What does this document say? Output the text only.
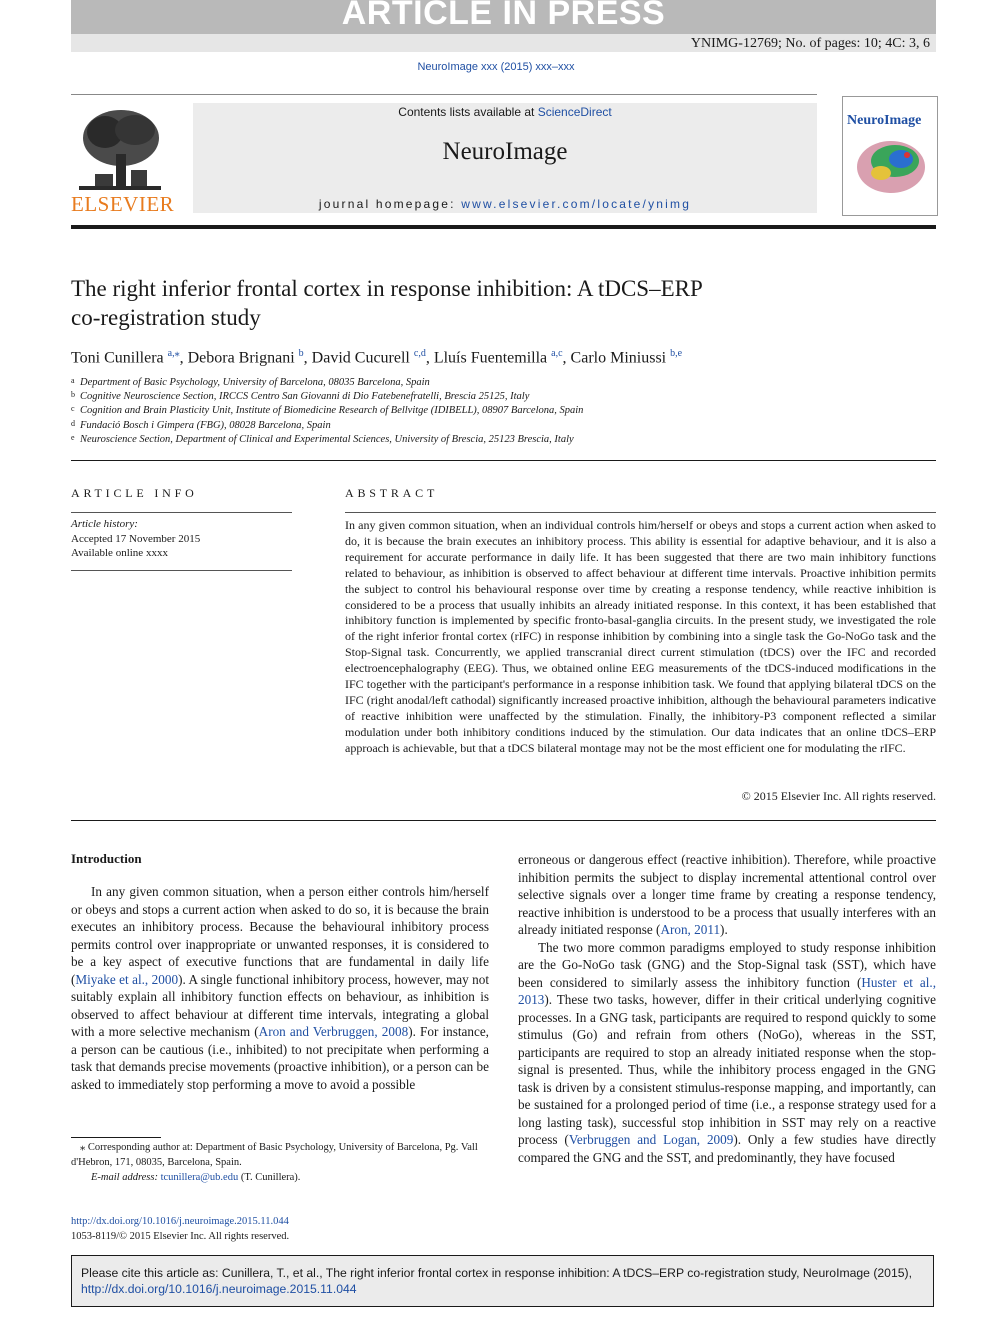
ARTICLE IN PRESS
YNIMG-12769; No. of pages: 10; 4C: 3, 6
NeuroImage xxx (2015) xxx–xxx
ELSEVIER
Contents lists available at ScienceDirect
NeuroImage
journal homepage: www.elsevier.com/locate/ynimg
NeuroImage
The right inferior frontal cortex in response inhibition: A tDCS–ERP
co-registration study
Toni Cunillera $^{a,⁎}$, Debora Brignani $^b$, David Cucurell $^{c,d}$, Lluís Fuentemilla $^{a,c}$, Carlo Miniussi $^{b,e}$
a Department of Basic Psychology, University of Barcelona, 08035 Barcelona, Spain
b Cognitive Neuroscience Section, IRCCS Centro San Giovanni di Dio Fatebenefratelli, Brescia 25125, Italy
c Cognition and Brain Plasticity Unit, Institute of Biomedicine Research of Bellvitge (IDIBELL), 08907 Barcelona, Spain
d Fundació Bosch i Gimpera (FBG), 08028 Barcelona, Spain
e Neuroscience Section, Department of Clinical and Experimental Sciences, University of Brescia, 25123 Brescia, Italy
ARTICLE INFO
Article history:
Accepted 17 November 2015
Available online xxxx
ABSTRACT
In any given common situation, when an individual controls him/herself or obeys and stops a current action when asked to do, it is because the brain executes an inhibitory process. This ability is essential for adaptive behaviour, and it is also a requirement for accurate performance in daily life. It has been suggested that there are two main inhibitory functions related to behaviour, as inhibition is observed to affect behaviour at different time intervals. Proactive inhibition permits the subject to control his behavioural response over time by creating a response tendency, while reactive inhibition is considered to be a process that usually inhibits an already initiated response. In this context, it has been established that inhibitory function is implemented by specific fronto-basal-ganglia circuits. In the present study, we investigated the role of the right inferior frontal cortex (rIFC) in response inhibition by combining into a single task the Go-NoGo task and the Stop-Signal task. Concurrently, we applied transcranial direct current stimulation (tDCS) over the IFC and recorded electroencephalography (EEG). Thus, we obtained online EEG measurements of the tDCS-induced modifications in the IFC together with the participant's performance in a response inhibition task. We found that applying bilateral tDCS on the IFC (right anodal/left cathodal) significantly increased proactive inhibition, although the behavioural parameters indicative of reactive inhibition were unaffected by the stimulation. Finally, the inhibitory-P3 component reflected a similar modulation under both inhibitory conditions induced by the stimulation. Our data indicates that an online tDCS–ERP approach is achievable, but that a tDCS bilateral montage may not be the most efficient one for modulating the rIFC.
© 2015 Elsevier Inc. All rights reserved.
Introduction

In any given common situation, when a person either controls him/herself or obeys and stops a current action when asked to do so, it is because the brain executes an inhibitory process. Because the behavioural inhibitory process permits control over inappropriate or unwanted responses, it is considered to be a key aspect of executive functions that are fundamental in daily life (Miyake et al., 2000). A single functional inhibitory process, however, may not suitably explain all inhibitory function effects on behaviour, as inhibition is observed to affect behaviour at different time intervals, integrating a global with a more selective mechanism (Aron and Verbruggen, 2008). For instance, a person can be cautious (i.e., inhibited) to not precipitate when performing a task that demands precise movements (proactive inhibition), or a person can be asked to immediately stop performing a move to avoid a possible

erroneous or dangerous effect (reactive inhibition). Therefore, while proactive inhibition permits the subject to display incremental attentional control over selective signals over a longer time frame by creating a response tendency, reactive inhibition is understood to be a process that usually interferes with an already initiated response (Aron, 2011).

The two more common paradigms employed to study response inhibition are the Go-NoGo task (GNG) and the Stop-Signal task (SST), which have been considered to similarly assess the inhibitory function (Huster et al., 2013). These two tasks, however, differ in their critical underlying cognitive processes. In a GNG task, participants are required to respond quickly to some stimulus (Go) and refrain from others (NoGo), whereas in the SST, participants are required to stop an already initiated response when the stop-signal is presented. Thus, while the inhibitory process engaged in the GNG task is driven by a consistent stimulus-response mapping, and importantly, can be sustained for a prolonged period of time (i.e., a response strategy used for a long lasting task), successful stop inhibition in SST may rely on a reactive process (Verbruggen and Logan, 2009). Only a few studies have directly compared the GNG and the SST, and predominantly, they have focused

⁎ Corresponding author at: Department of Basic Psychology, University of Barcelona, Pg. Vall d'Hebron, 171, 08035, Barcelona, Spain.
E-mail address: tcunillera@ub.edu (T. Cunillera).
http://dx.doi.org/10.1016/j.neuroimage.2015.11.044
1053-8119/© 2015 Elsevier Inc. All rights reserved.
Please cite this article as: Cunillera, T., et al., The right inferior frontal cortex in response inhibition: A tDCS–ERP co-registration study, NeuroImage (2015), http://dx.doi.org/10.1016/j.neuroimage.2015.11.044
